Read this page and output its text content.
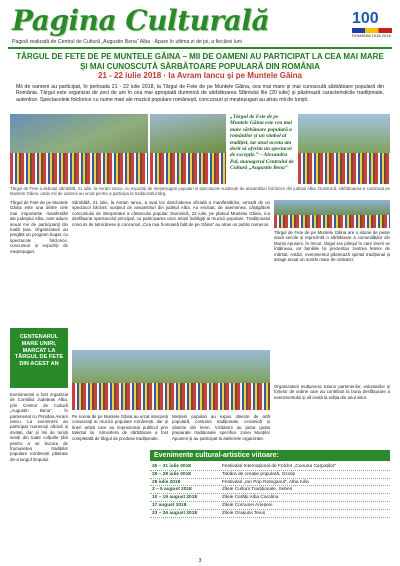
Pagina Culturală
Pagină realizată de Centrul de Cultură „Augustin Bena” Alba · Apare în ultima zi de joi, a fiecărei luni
100
ROMÂNIA 1918-2018
TÂRGUL DE FETE DE PE MUNTELE GĂINA – MII DE OAMENI AU PARTICIPAT LA CEA MAI MARE
ȘI MAI CUNOSCUTĂ SĂRBĂTOARE POPULARĂ DIN ROMÂNIA
21 - 22 iulie 2018 · la Avram Iancu și pe Muntele Găina
Mii de oameni au participat, în perioada 21 - 22 iulie 2018, la Târgul de Fete de pe Muntele Găina, cea mai mare și mai cunoscută sărbătoare populară din România. Târgul este organizat de zeci de ani în cea mai apropiată duminică de sărbătoarea Sfântului Ilie (20 iulie) și păstrează caracteristicile tradiționale, autentice. Spectacolele folclorice cu nume mari ale muzicii populare românești, concursuri și meșteșugari au atras mii de turiști.
„Târgul de Fete de pe Muntele Găina este cea mai mare sărbătoare populară a românilor și un simbol al tradiției, iar anul acesta am dorit să oferim un spectacol de excepție.” – Alexandru Pal, managerul Centrului de Cultură „Augustin Bena”
Târgul de Fete a debutat sâmbătă, 21 iulie, la Avram Iancu, cu expoziții de meșteșugari populari și spectacole susținute de ansambluri folclorice din județul Alba. Duminică, sărbătoarea a continuat pe Muntele Găina, unde mii de oameni au urcat pentru a participa la tradiționalul târg.
Târgul de Fete de pe Muntele Găina este una dintre cele mai importante manifestări ale județului Alba, care aduce anual mii de participanți din toată țara. Organizatorii au pregătit un program bogat, cu spectacole folclorice, concursuri și expoziții de meșteșugari.
Sâmbătă, 21 iulie, la Avram Iancu, a avut loc deschiderea oficială a manifestărilor, urmată de un spectacol folcloric susținut de ansambluri din județul Alba. Au evoluat, de asemenea, câștigătorii concursului de interpretare a cântecului popular. Duminică, 22 iulie, pe platoul Muntelui Găina, s-a desfășurat spectacolul principal, cu participarea unor artiști îndrăgiți ai muzicii populare. Tradiționalul concurs de tulnicărese și concursul „Cea mai frumoasă fată de pe Găina” au atras un public numeros.
Târgul de Fete de pe Muntele Găina are o istorie de peste două secole și reprezintă o sărbătoare a comunităților din Munții Apuseni. În trecut, târgul era prilejul în care tinerii se întâlneau, iar familiile își prezentau zestrea fetelor de măritat. Astăzi, evenimentul păstrează spiritul tradițional și atrage anual un număr mare de vizitatori.
CENTENARUL MARE UNIRI, MARCAT LA TÂRGUL DE FETE DIN ACEST AN
Evenimentul a fost organizat de Consiliul Județean Alba, prin Centrul de Cultură „Augustin Bena”, în parteneriat cu Primăria Avram Iancu. La eveniment au participat numeroși oficiali și invitați, dar și mii de turiști veniți din toate colțurile țării pentru a se bucura de frumusețea tradițiilor populare românești păstrate de-a lungul timpului.
Pe scena de pe Muntele Găina au urcat interpreți consacrați ai muzicii populare românești, dar și tineri artiști care au impresionat publicul prin talentul lor. Atmosfera de sărbătoare a fost completată de târgul de produse tradiționale.
Meșterii populari au expus obiecte de artă populară, costume tradiționale, ceramică și obiecte din lemn. Vizitatorii au putut gusta preparate tradiționale specifice zonei Munților Apuseni și au participat la atelierele organizate.
Organizatorii mulțumesc tuturor partenerilor, voluntarilor și forțelor de ordine care au contribuit la buna desfășurare a evenimentului și vă invită la ediția din anul viitor.
Evenimente cultural-artistice viitoare:
26 – 31 iulie 2018	Festivalul Internațional de Folclor „Cununa Carpaților”
26 – 28 iulie 2018	Tabăra de creație populară, Ocoliș
29 iulie 2018	Festivalul „Ion Pop Reteganul”, Alba Iulia
3 – 5 august 2018	Zilele Culturii Tradiționale, Sebeș
10 – 19 august 2018	Zilele Cetății Alba Carolina
17 august 2018	Zilele Comunei Arieșeni
23 – 26 august 2018	Zilele Orașului Teiuș
3
